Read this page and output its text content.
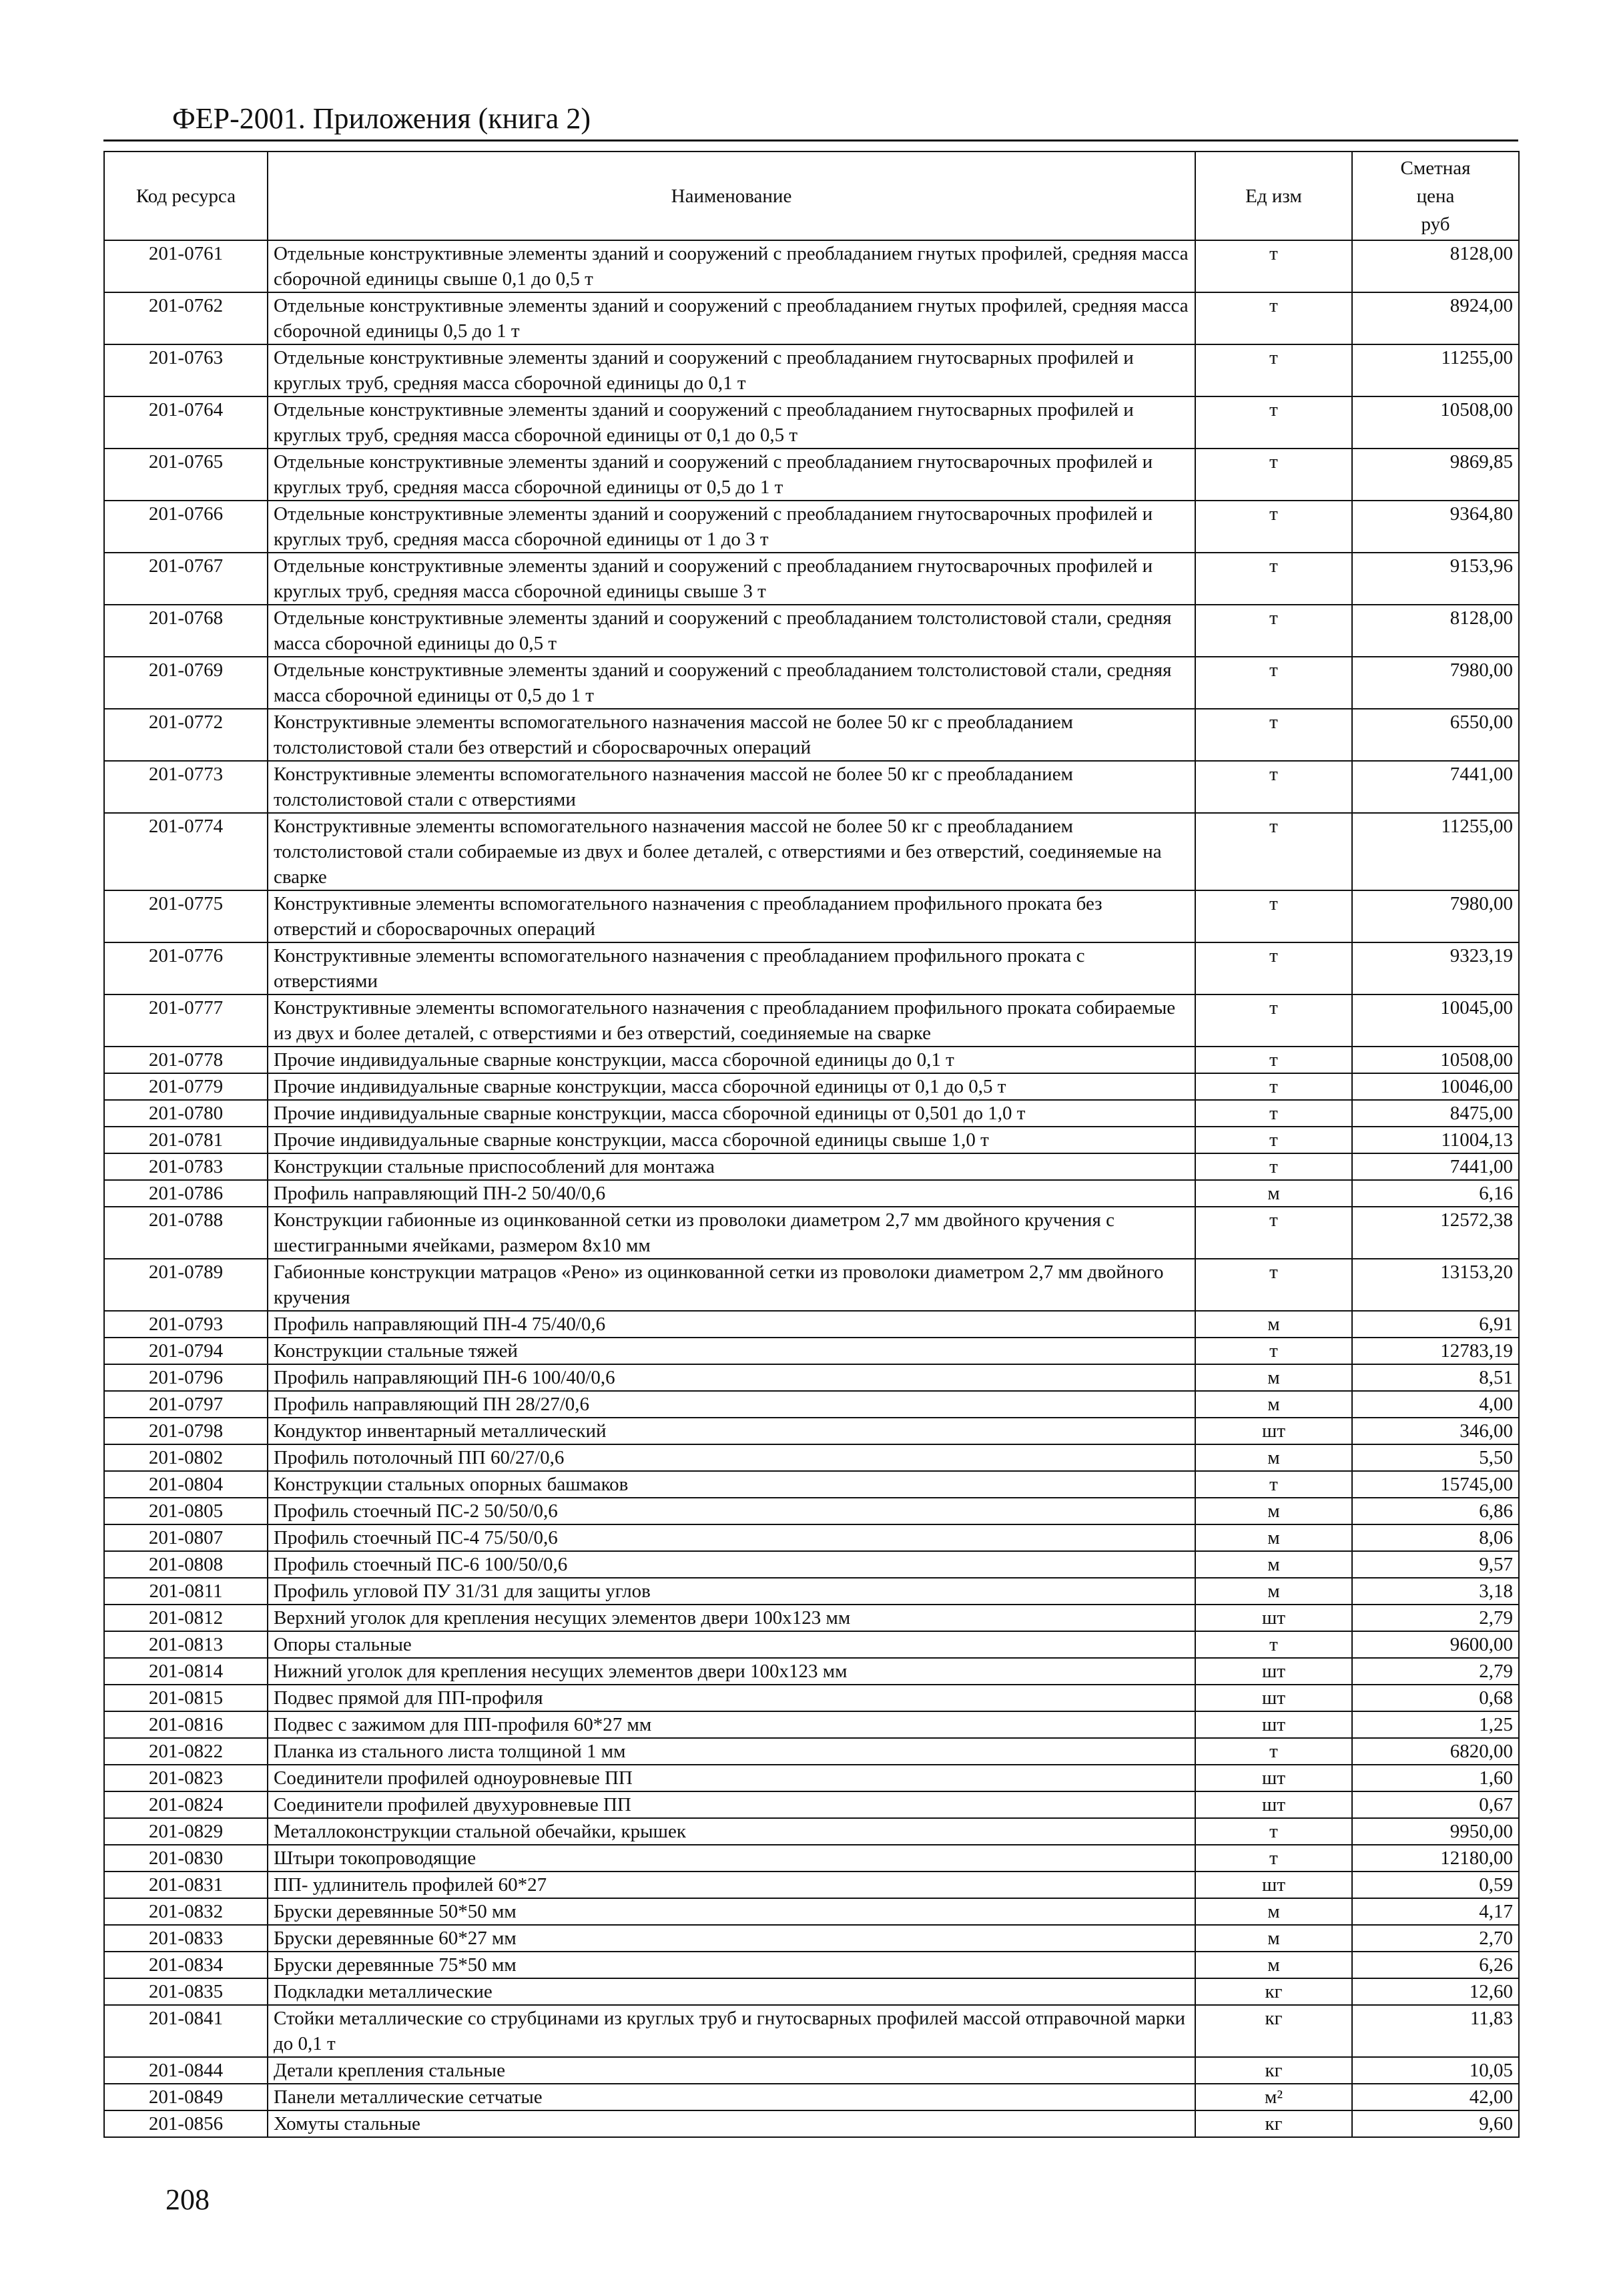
ФЕР-2001. Приложения (книга 2)
Код ресурса	Наименование	Ед изм	Сметная
цена
руб

201-0761	Отдельные конструктивные элементы зданий и сооружений с преобладанием гнутых профилей, средняя масса сборочной единицы свыше 0,1 до 0,5 т	т	8128,00
201-0762	Отдельные конструктивные элементы зданий и сооружений с преобладанием гнутых профилей, средняя масса сборочной единицы 0,5 до 1 т	т	8924,00
201-0763	Отдельные конструктивные элементы зданий и сооружений с преобладанием гнутосварных профилей и круглых труб, средняя масса сборочной единицы до 0,1 т	т	11255,00
201-0764	Отдельные конструктивные элементы зданий и сооружений с преобладанием гнутосварных профилей и круглых труб, средняя масса сборочной единицы от 0,1 до 0,5 т	т	10508,00
201-0765	Отдельные конструктивные элементы зданий и сооружений с преобладанием гнутосварочных профилей и круглых труб, средняя масса сборочной единицы от 0,5 до 1 т	т	9869,85
201-0766	Отдельные конструктивные элементы зданий и сооружений с преобладанием гнутосварочных профилей и круглых труб, средняя масса сборочной единицы от 1 до 3 т	т	9364,80
201-0767	Отдельные конструктивные элементы зданий и сооружений с преобладанием гнутосварочных профилей и круглых труб, средняя масса сборочной единицы свыше 3 т	т	9153,96
201-0768	Отдельные конструктивные элементы зданий и сооружений с преобладанием толстолистовой стали, средняя масса сборочной единицы до 0,5 т	т	8128,00
201-0769	Отдельные конструктивные элементы зданий и сооружений с преобладанием толстолистовой стали, средняя масса сборочной единицы от 0,5 до 1 т	т	7980,00
201-0772	Конструктивные элементы вспомогательного назначения массой не более 50 кг с преобладанием толстолистовой стали без отверстий и сборосварочных операций	т	6550,00
201-0773	Конструктивные элементы вспомогательного назначения массой не более 50 кг с преобладанием толстолистовой стали с отверстиями	т	7441,00
201-0774	Конструктивные элементы вспомогательного назначения массой не более 50 кг с преобладанием толстолистовой стали собираемые из двух и более деталей, с отверстиями и без отверстий, соединяемые на сварке	т	11255,00
201-0775	Конструктивные элементы вспомогательного назначения с преобладанием профильного проката без отверстий и сборосварочных операций	т	7980,00
201-0776	Конструктивные элементы вспомогательного назначения с преобладанием профильного проката с отверстиями	т	9323,19
201-0777	Конструктивные элементы вспомогательного назначения с преобладанием профильного проката собираемые из двух и более деталей, с отверстиями и без отверстий, соединяемые на сварке	т	10045,00
201-0778	Прочие индивидуальные сварные конструкции, масса сборочной единицы до 0,1 т	т	10508,00
201-0779	Прочие индивидуальные сварные конструкции, масса сборочной единицы от 0,1 до 0,5 т	т	10046,00
201-0780	Прочие индивидуальные сварные конструкции, масса сборочной единицы от 0,501 до 1,0 т	т	8475,00
201-0781	Прочие индивидуальные сварные конструкции, масса сборочной единицы свыше 1,0 т	т	11004,13
201-0783	Конструкции стальные приспособлений для монтажа	т	7441,00
201-0786	Профиль направляющий ПН-2 50/40/0,6	м	6,16
201-0788	Конструкции габионные из оцинкованной сетки из проволоки диаметром 2,7 мм двойного кручения с шестигранными ячейками, размером 8x10 мм	т	12572,38
201-0789	Габионные конструкции матрацов «Рено» из оцинкованной сетки из проволоки диаметром 2,7 мм двойного кручения	т	13153,20
201-0793	Профиль направляющий ПН-4 75/40/0,6	м	6,91
201-0794	Конструкции стальные тяжей	т	12783,19
201-0796	Профиль направляющий ПН-6 100/40/0,6	м	8,51
201-0797	Профиль направляющий ПН 28/27/0,6	м	4,00
201-0798	Кондуктор инвентарный металлический	шт	346,00
201-0802	Профиль потолочный ПП 60/27/0,6	м	5,50
201-0804	Конструкции стальных опорных башмаков	т	15745,00
201-0805	Профиль стоечный ПС-2 50/50/0,6	м	6,86
201-0807	Профиль стоечный ПС-4 75/50/0,6	м	8,06
201-0808	Профиль стоечный ПС-6 100/50/0,6	м	9,57
201-0811	Профиль угловой ПУ 31/31 для защиты углов	м	3,18
201-0812	Верхний уголок для крепления несущих элементов двери 100x123 мм	шт	2,79
201-0813	Опоры стальные	т	9600,00
201-0814	Нижний уголок для крепления несущих элементов двери 100x123 мм	шт	2,79
201-0815	Подвес прямой для ПП-профиля	шт	0,68
201-0816	Подвес с зажимом для ПП-профиля 60*27 мм	шт	1,25
201-0822	Планка из стального листа толщиной 1 мм	т	6820,00
201-0823	Соединители профилей одноуровневые ПП	шт	1,60
201-0824	Соединители профилей двухуровневые ПП	шт	0,67
201-0829	Металлоконструкции стальной обечайки, крышек	т	9950,00
201-0830	Штыри токопроводящие	т	12180,00
201-0831	ПП- удлинитель профилей 60*27	шт	0,59
201-0832	Бруски деревянные 50*50 мм	м	4,17
201-0833	Бруски деревянные 60*27 мм	м	2,70
201-0834	Бруски деревянные 75*50 мм	м	6,26
201-0835	Подкладки металлические	кг	12,60
201-0841	Стойки металлические со струбцинами из круглых труб и гнутосварных профилей массой отправочной марки до 0,1 т	кг	11,83
201-0844	Детали крепления стальные	кг	10,05
201-0849	Панели металлические сетчатые	м²	42,00
201-0856	Хомуты стальные	кг	9,60
208
